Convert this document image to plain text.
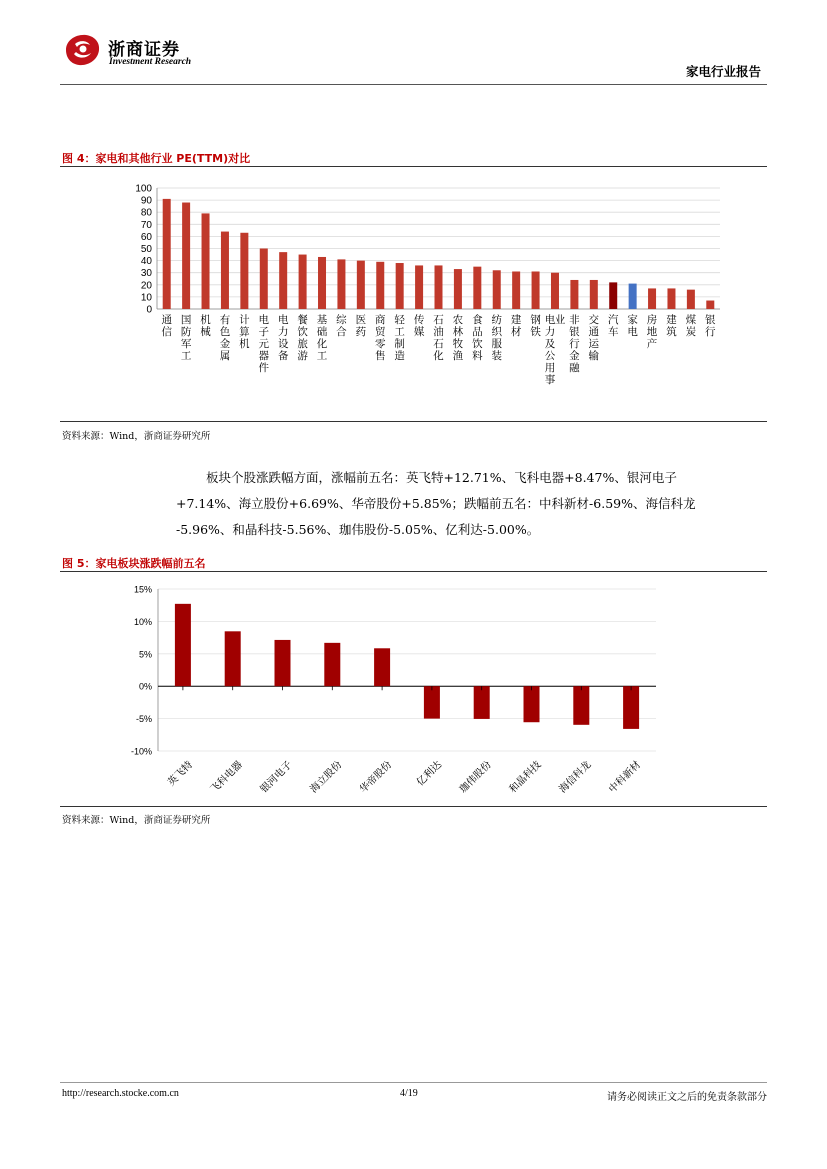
浙商证券
Investment Research
家电行业报告
图 4：家电和其他行业 PE(TTM)对比
0
10
20
30
40
50
60
70
80
90
100
通信
国防军工
机械
有色金属
计算机
电子元器件
电力设备
餐饮旅游
基础化工
综合
医药
商贸零售
轻工制造
传媒
石油石化
农林牧渔
食品饮料
纺织服装
建材
钢铁
电力及公用事
业 非银行金融
交通运输
汽车
家电
房地产
建筑
煤炭
银行
资料来源：Wind，浙商证券研究所
板块个股涨跌幅方面，涨幅前五名：英飞特+12.71%、飞科电器+8.47%、银河电子
+7.14%、海立股份+6.69%、华帝股份+5.85%；跌幅前五名：中科新材-6.59%、海信科龙
-5.96%、和晶科技-5.56%、珈伟股份-5.05%、亿利达-5.00%。
图 5：家电板块涨跌幅前五名
-10%
-5%
0%
5%
10%
15%
英飞特 飞科电器 银河电子 海立股份 华帝股份 亿利达 珈伟股份 和晶科技 海信科龙 中科新材
资料来源：Wind，浙商证券研究所
http://research.stocke.com.cn	4/19	请务必阅读正文之后的免责条款部分
